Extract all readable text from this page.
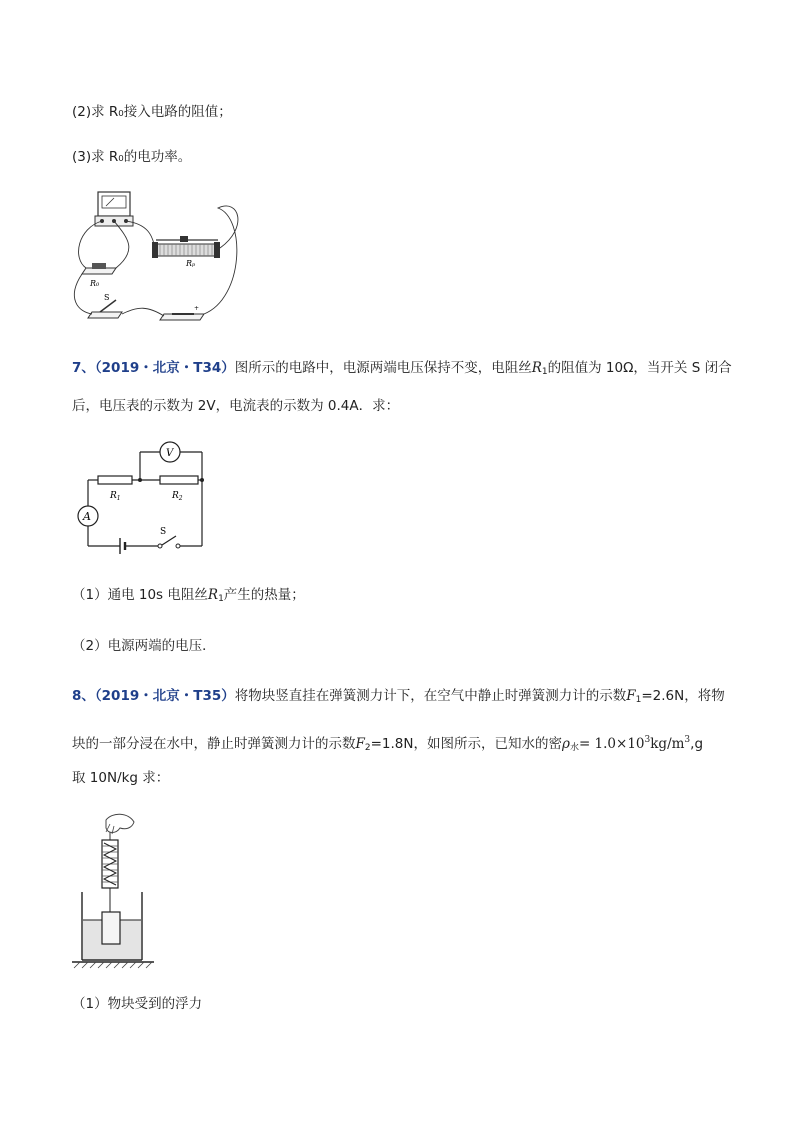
(2)求 R₀接入电路的阻值；
(3)求 R₀的电功率。
R₀
Rₚ
S
+
7、（2019・北京・T34）图所示的电路中，电源两端电压保持不变，电阻丝$R_1$的阻值为 10Ω，当开关 S 闭合
后，电压表的示数为 2V，电流表的示数为 0.4A．求：
A
$R_1$	$R_2$
V
S
（1）通电 10s 电阻丝$R_1$产生的热量；
（2）电源两端的电压．
8、（2019・北京・T35）将物块竖直挂在弹簧测力计下，在空气中静止时弹簧测力计的示数$F_1=2.6N$，将物
块的一部分浸在水中，静止时弹簧测力计的示数$F_2=1.8N$，如图所示，已知水的密$\rho_水= 1.0\times 10^3kg/m^3,g$
取 10N/kg 求：
（1）物块受到的浮力
